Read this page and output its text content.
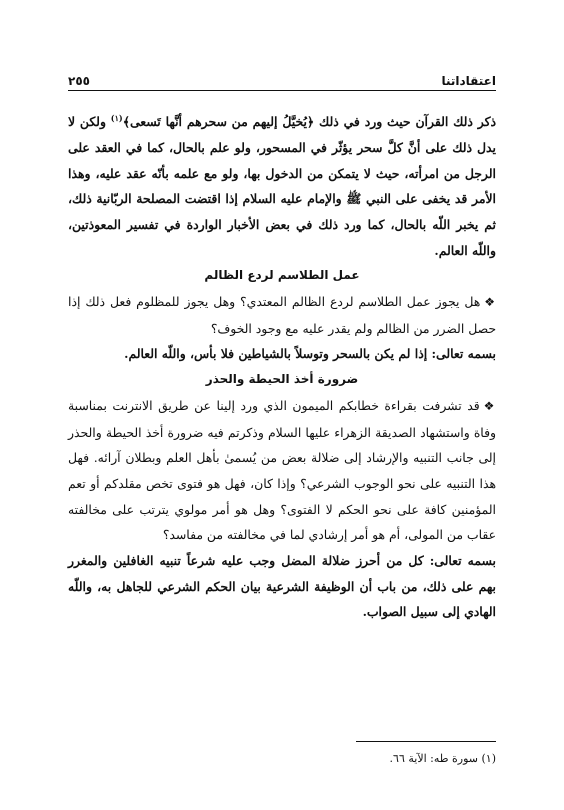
اعتقاداتنا
٢٥٥

ذكر ذلك القرآن حيث ورد في ذلك ﴿يُخيَّلُ إليهم من سحرهم أنَّها تَسعى﴾$^{(١)}$ ولكن لا يدل ذلك على أنَّ كلَّ سحر يؤثّر في المسحور، ولو علم بالحال، كما في العقد على الرجل من امرأته، حيث لا يتمكن من الدخول بها، ولو مع علمه بأنّه عقد عليه، وهذا الأمر قد يخفى على النبي ﷺ والإمام عليه السلام إذا اقتضت المصلحة الربّانية ذلك، ثم يخبر اللّه بالحال، كما ورد ذلك في بعض الأخبار الواردة في تفسير المعوذتين، واللّه العالم.

عمل الطلاسم لردع الظالم

❖هل يجوز عمل الطلاسم لردع الظالم المعتدي؟ وهل يجوز للمظلوم فعل ذلك إذا حصل الضرر من الظالم ولم يقدر عليه مع وجود الخوف؟

بسمه تعالى: إذا لم يكن بالسحر وتوسلاً بالشياطين فلا بأس، واللّه العالم.

ضرورة أخذ الحيطة والحذر

❖قد تشرفت بقراءة خطابكم الميمون الذي ورد إلينا عن طريق الانترنت بمناسبة وفاة واستشهاد الصديقة الزهراء عليها السلام وذكرتم فيه ضرورة أخذ الحيطة والحذر إلى جانب التنبيه والإرشاد إلى ضلالة بعض من يُسمىٰ بأهل العلم وبطلان آرائه. فهل هذا التنبيه على نحو الوجوب الشرعي؟ وإذا كان، فهل هو فتوى تخص مقلدكم أو تعم المؤمنين كافة على نحو الحكم لا الفتوى؟ وهل هو أمر مولوي يترتب على مخالفته عقاب من المولى، أم هو أمر إرشادي لما في مخالفته من مفاسد؟

بسمه تعالى: كل من أحرز ضلالة المضل وجب عليه شرعاً تنبيه الغافلين والمغرر بهم على ذلك، من باب أن الوظيفة الشرعية بيان الحكم الشرعي للجاهل به، واللّه الهادي إلى سبيل الصواب.

(١) سورة طه: الآية ٦٦.
